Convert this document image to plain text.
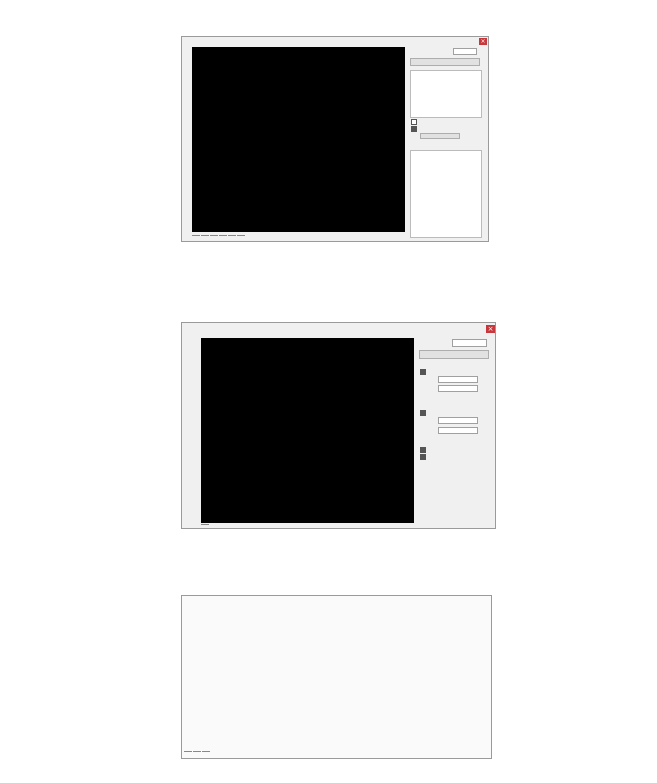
×
×
